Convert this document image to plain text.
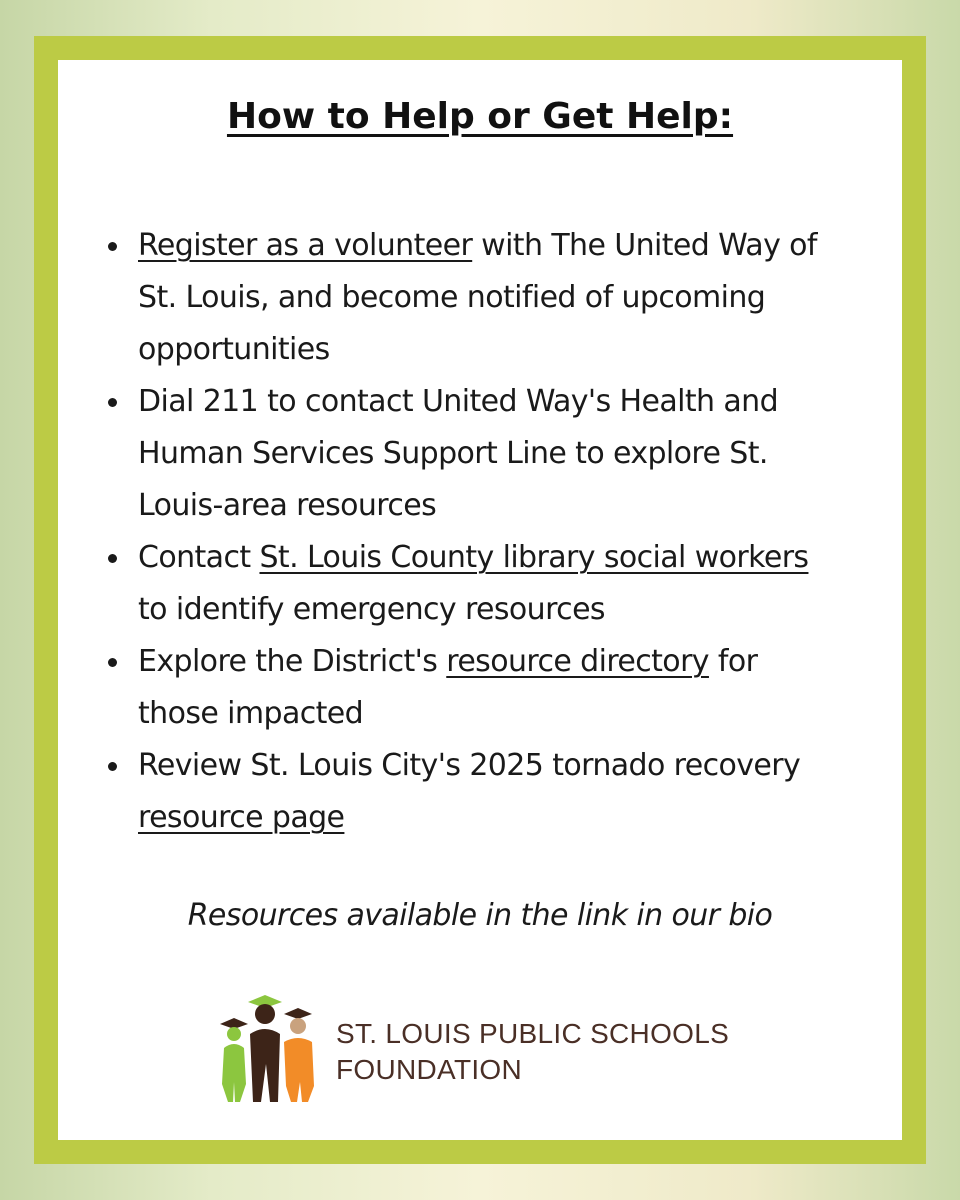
How to Help or Get Help:
Register as a volunteer with The United Way of St. Louis, and become notified of upcoming opportunities
Dial 211 to contact United Way's Health and Human Services Support Line to explore St. Louis-area resources
Contact St. Louis County library social workers to identify emergency resources
Explore the District's resource directory for those impacted
Review St. Louis City's 2025 tornado recovery resource page
Resources available in the link in our bio
ST. LOUIS PUBLIC SCHOOLS
FOUNDATION
